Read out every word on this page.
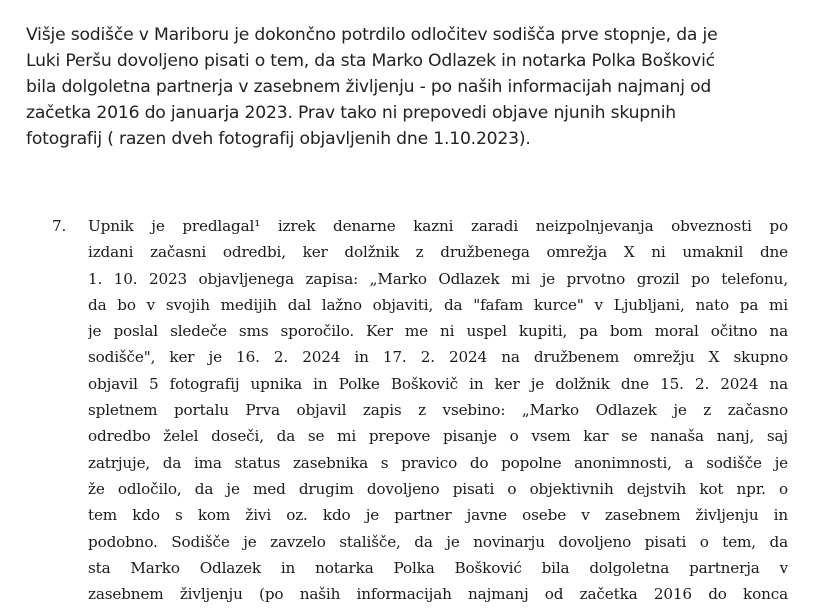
Višje sodišče v Mariboru je dokončno potrdilo odločitev sodišča prve stopnje, da je
Luki Peršu dovoljeno pisati o tem, da sta Marko Odlazek in notarka Polka Bošković
bila dolgoletna partnerja v zasebnem življenju - po naših informacijah najmanj od
začetka 2016 do januarja 2023. Prav tako ni prepovedi objave njunih skupnih
fotografij ( razen dveh fotografij objavljenih dne 1.10.2023).
7. Upnik je predlagal¹ izrek denarne kazni zaradi neizpolnjevanja obveznosti po
izdani začasni odredbi, ker dolžnik z družbenega omrežja X ni umaknil dne
1. 10. 2023 objavljenega zapisa: „Marko Odlazek mi je prvotno grozil po telefonu,
da bo v svojih medijih dal lažno objaviti, da "fafam kurce" v Ljubljani, nato pa mi
je poslal sledeče sms sporočilo. Ker me ni uspel kupiti, pa bom moral očitno na
sodišče", ker je 16. 2. 2024 in 17. 2. 2024 na družbenem omrežju X skupno
objavil 5 fotografij upnika in Polke Boškovič in ker je dolžnik dne 15. 2. 2024 na
spletnem portalu Prva objavil zapis z vsebino: „Marko Odlazek je z začasno
odredbo želel doseči, da se mi prepove pisanje o vsem kar se nanaša nanj, saj
zatrjuje, da ima status zasebnika s pravico do popolne anonimnosti, a sodišče je
že odločilo, da je med drugim dovoljeno pisati o objektivnih dejstvih kot npr. o
tem kdo s kom živi oz. kdo je partner javne osebe v zasebnem življenju in
podobno. Sodišče je zavzelo stališče, da je novinarju dovoljeno pisati o tem, da
sta Marko Odlazek in notarka Polka Bošković bila dolgoletna partnerja v
zasebnem življenju (po naših informacijah najmanj od začetka 2016 do konca
